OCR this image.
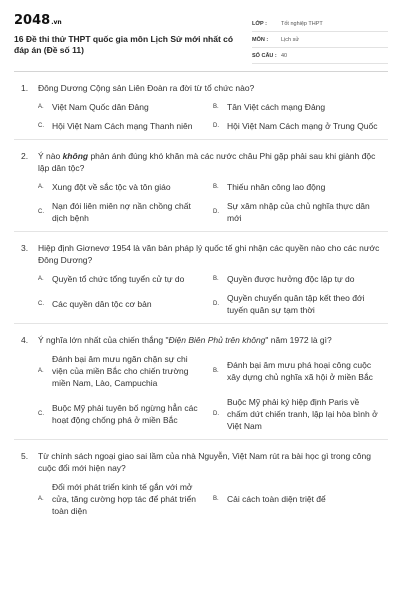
2048.vn
16 Đề thi thử THPT quốc gia môn Lịch Sử mới nhất có đáp án (Đề số 11)
LỚP :	Tốt nghiệp THPT
MÔN :	Lịch sử
SỐ CÂU : 40
1.	Đông Dương Cộng sản Liên Đoàn ra đời từ tổ chức nào?
A. Việt Nam Quốc dân Đảng	B. Tân Việt cách mạng Đảng
C. Hội Việt Nam Cách mạng Thanh niên	D. Hội Việt Nam Cách mạng ở Trung Quốc
2.	Ý nào không phản ánh đúng khó khăn mà các nước châu Phi gặp phải sau khi giành độc lập dân tộc?
A. Xung đột về sắc tộc và tôn giáo	B. Thiếu nhân công lao động
C.
Nạn đói liên miên nợ nần chồng chất dịch bệnh
D.
Sự xâm nhập của chủ nghĩa thực dân mới
3.	Hiệp định Giơnevơ 1954 là văn bản pháp lý quốc tế ghi nhận các quyền nào cho các nước Đông Dương?
A. Quyền tổ chức tổng tuyển cử tự do	B. Quyền được hưởng độc lập tự do
C. Các quyền dân tộc cơ bản	D.
Quyền chuyển quân tập kết theo đới tuyến quân sự tạm thời
4.	Ý nghĩa lớn nhất của chiến thắng "Điện Biên Phủ trên không" năm 1972 là gì?
A.
Đánh bại âm mưu ngăn chặn sự chi viện của miền Bắc cho chiến trường miền Nam, Lào, Campuchia
B.
Đánh bại âm mưu phá hoại công cuộc xây dựng chủ nghĩa xã hội ở miền Bắc
C.
Buộc Mỹ phải tuyên bố ngừng hẳn các hoạt động chống phá ở miền Bắc
D.
Buộc Mỹ phải ký hiệp định Paris về chấm dứt chiến tranh, lập lại hòa bình ở Việt Nam
5.	Từ chính sách ngoại giao sai lầm của nhà Nguyễn, Việt Nam rút ra bài học gì trong công cuộc đổi mới hiện nay?
A.
Đổi mới phát triển kinh tế gắn với mở cửa, tăng cường hợp tác để phát triển toàn diện
B. Cải cách toàn diện triệt để
